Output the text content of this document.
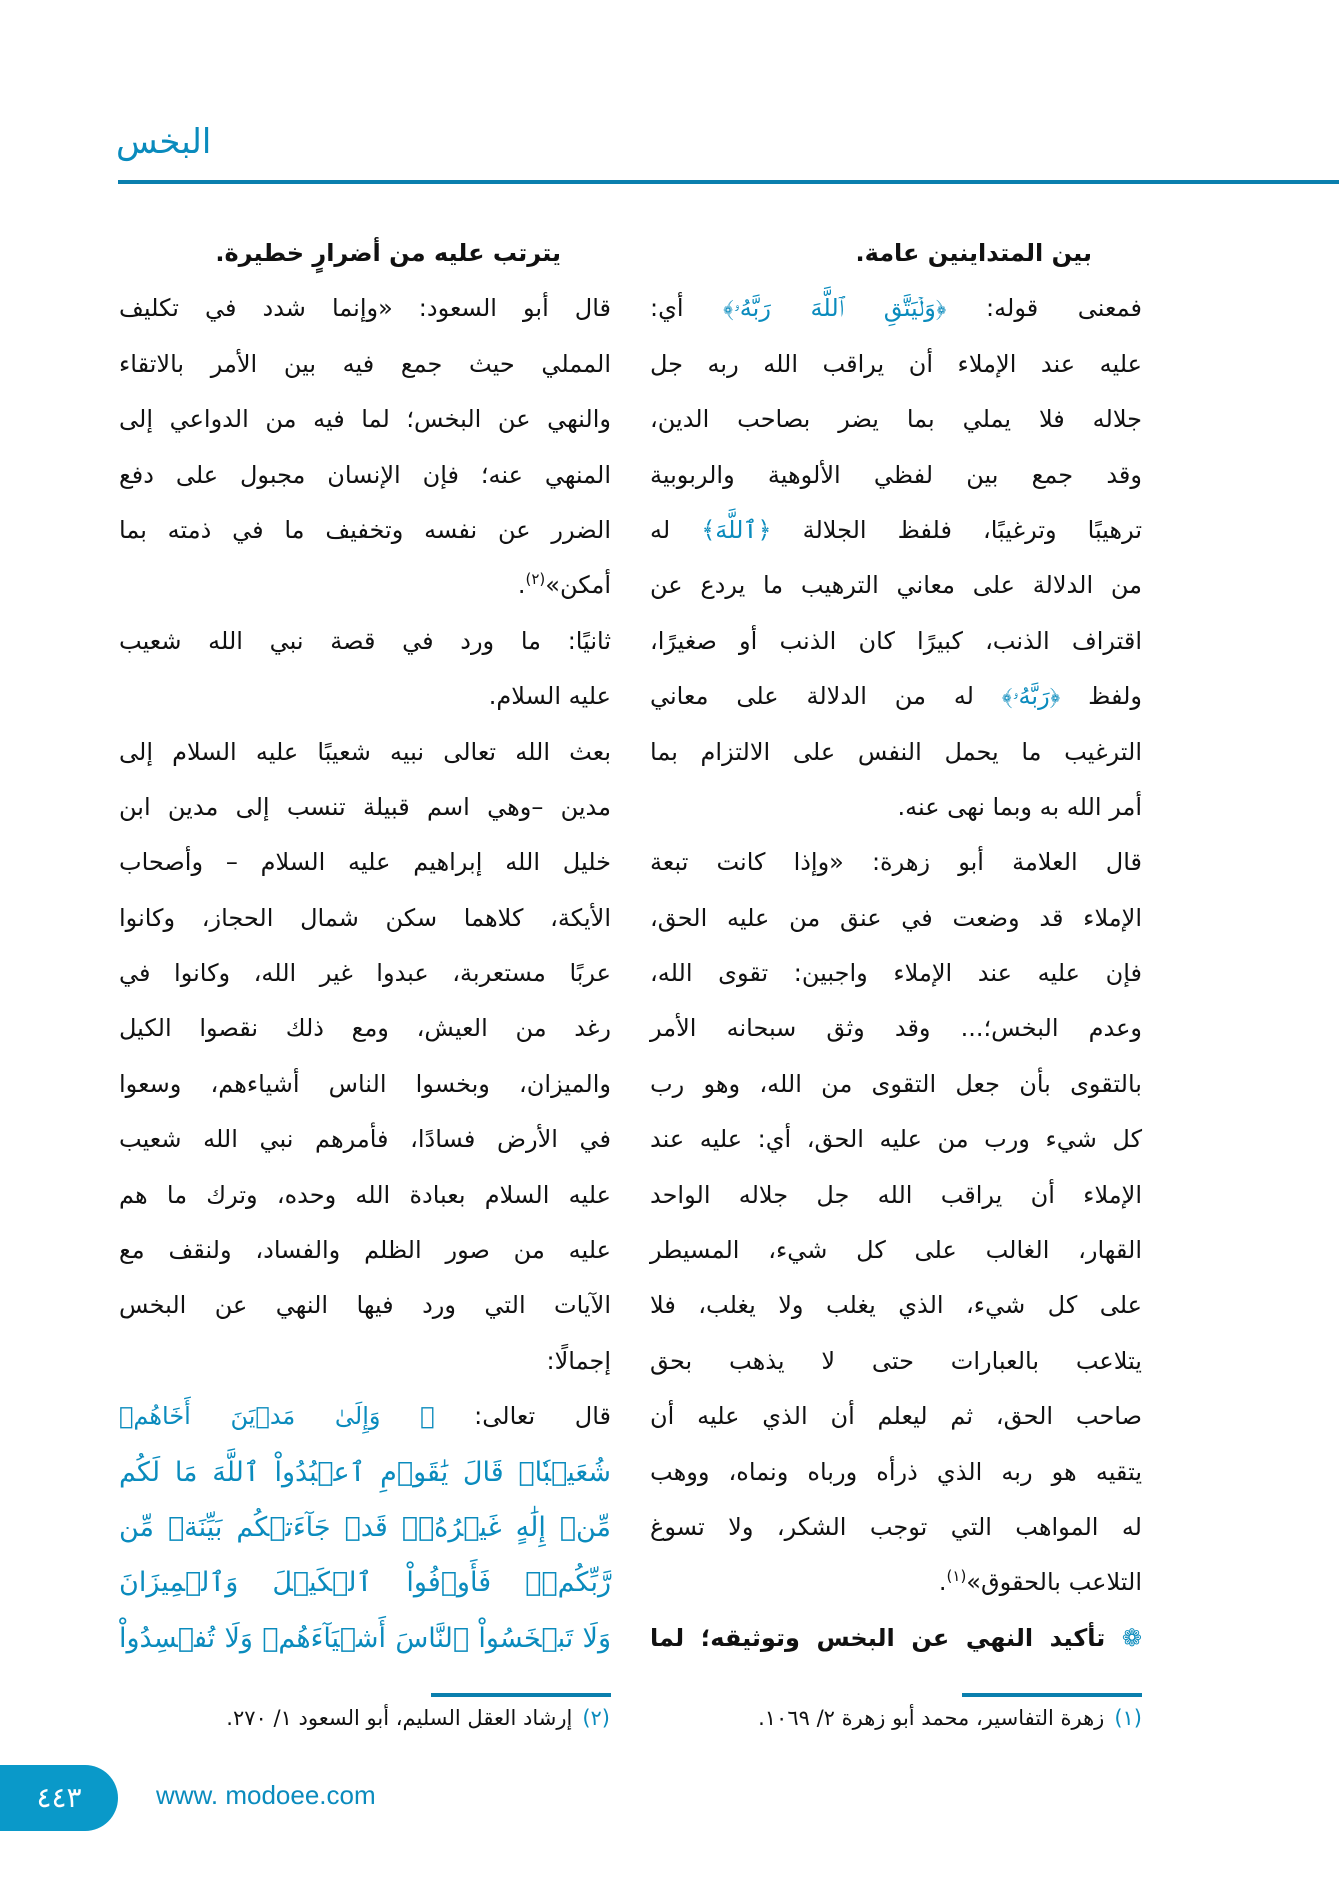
البخس
بين المتداينين عامة.
فمعنى قوله: ﴿وَلۡيَتَّقِ ٱللَّهَ رَبَّهُۥ﴾ أي:
عليه عند الإملاء أن يراقب الله ربه جل
جلاله فلا يملي بما يضر بصاحب الدين،
وقد جمع بين لفظي الألوهية والربوبية
ترهيبًا وترغيبًا، فلفظ الجلالة ﴿ٱللَّهَ﴾ له
من الدلالة على معاني الترهيب ما يردع عن
اقتراف الذنب، كبيرًا كان الذنب أو صغيرًا،
ولفظ ﴿رَبَّهُۥ﴾ له من الدلالة على معاني
الترغيب ما يحمل النفس على الالتزام بما
أمر الله به وبما نهى عنه.
قال العلامة أبو زهرة: «وإذا كانت تبعة
الإملاء قد وضعت في عنق من عليه الحق،
فإن عليه عند الإملاء واجبين: تقوى الله،
وعدم البخس؛... وقد وثق سبحانه الأمر
بالتقوى بأن جعل التقوى من الله، وهو رب
كل شيء ورب من عليه الحق، أي: عليه عند
الإملاء أن يراقب الله جل جلاله الواحد
القهار، الغالب على كل شيء، المسيطر
على كل شيء، الذي يغلب ولا يغلب، فلا
يتلاعب بالعبارات حتى لا يذهب بحق
صاحب الحق، ثم ليعلم أن الذي عليه أن
يتقيه هو ربه الذي ذرأه ورباه ونماه، ووهب
له المواهب التي توجب الشكر، ولا تسوغ
التلاعب بالحقوق»$^{(١)}$.
❁ تأكيد النهي عن البخس وتوثيقه؛ لما
يترتب عليه من أضرارٍ خطيرة.
قال أبو السعود: «وإنما شدد في تكليف
المملي حيث جمع فيه بين الأمر بالاتقاء
والنهي عن البخس؛ لما فيه من الدواعي إلى
المنهي عنه؛ فإن الإنسان مجبول على دفع
الضرر عن نفسه وتخفيف ما في ذمته بما
أمكن»$^{(٢)}$.
ثانيًا: ما ورد في قصة نبي الله شعيب
عليه السلام.
بعث الله تعالى نبيه شعيبًا عليه السلام إلى
مدين –وهي اسم قبيلة تنسب إلى مدين ابن
خليل الله إبراهيم عليه السلام – وأصحاب
الأيكة، كلاهما سكن شمال الحجاز، وكانوا
عربًا مستعربة، عبدوا غير الله، وكانوا في
رغد من العيش، ومع ذلك نقصوا الكيل
والميزان، وبخسوا الناس أشياءهم، وسعوا
في الأرض فسادًا، فأمرهم نبي الله شعيب
عليه السلام بعبادة الله وحده، وترك ما هم
عليه من صور الظلم والفساد، ولنقف مع
الآيات التي ورد فيها النهي عن البخس
إجمالًا:
قال تعالى: ﴿ وَإِلَىٰ مَدۡيَنَ أَخَاهُمۡ
شُعَيۡبٗاۚ قَالَ يَٰقَوۡمِ ٱعۡبُدُواْ ٱللَّهَ مَا لَكُم
مِّنۡ إِلَٰهٍ غَيۡرُهُۥۖ قَدۡ جَآءَتۡكُم بَيِّنَةٞ مِّن
رَّبِّكُمۡۖ فَأَوۡفُواْ ٱلۡكَيۡلَ وَٱلۡمِيزَانَ
وَلَا تَبۡخَسُواْ ٱلنَّاسَ أَشۡيَآءَهُمۡ وَلَا تُفۡسِدُواْ
(١)زهرة التفاسير، محمد أبو زهرة ٢/ ١٠٦٩.
(٢)إرشاد العقل السليم، أبو السعود ١/ ٢٧٠.
٤٤٣	www. modoee.com
